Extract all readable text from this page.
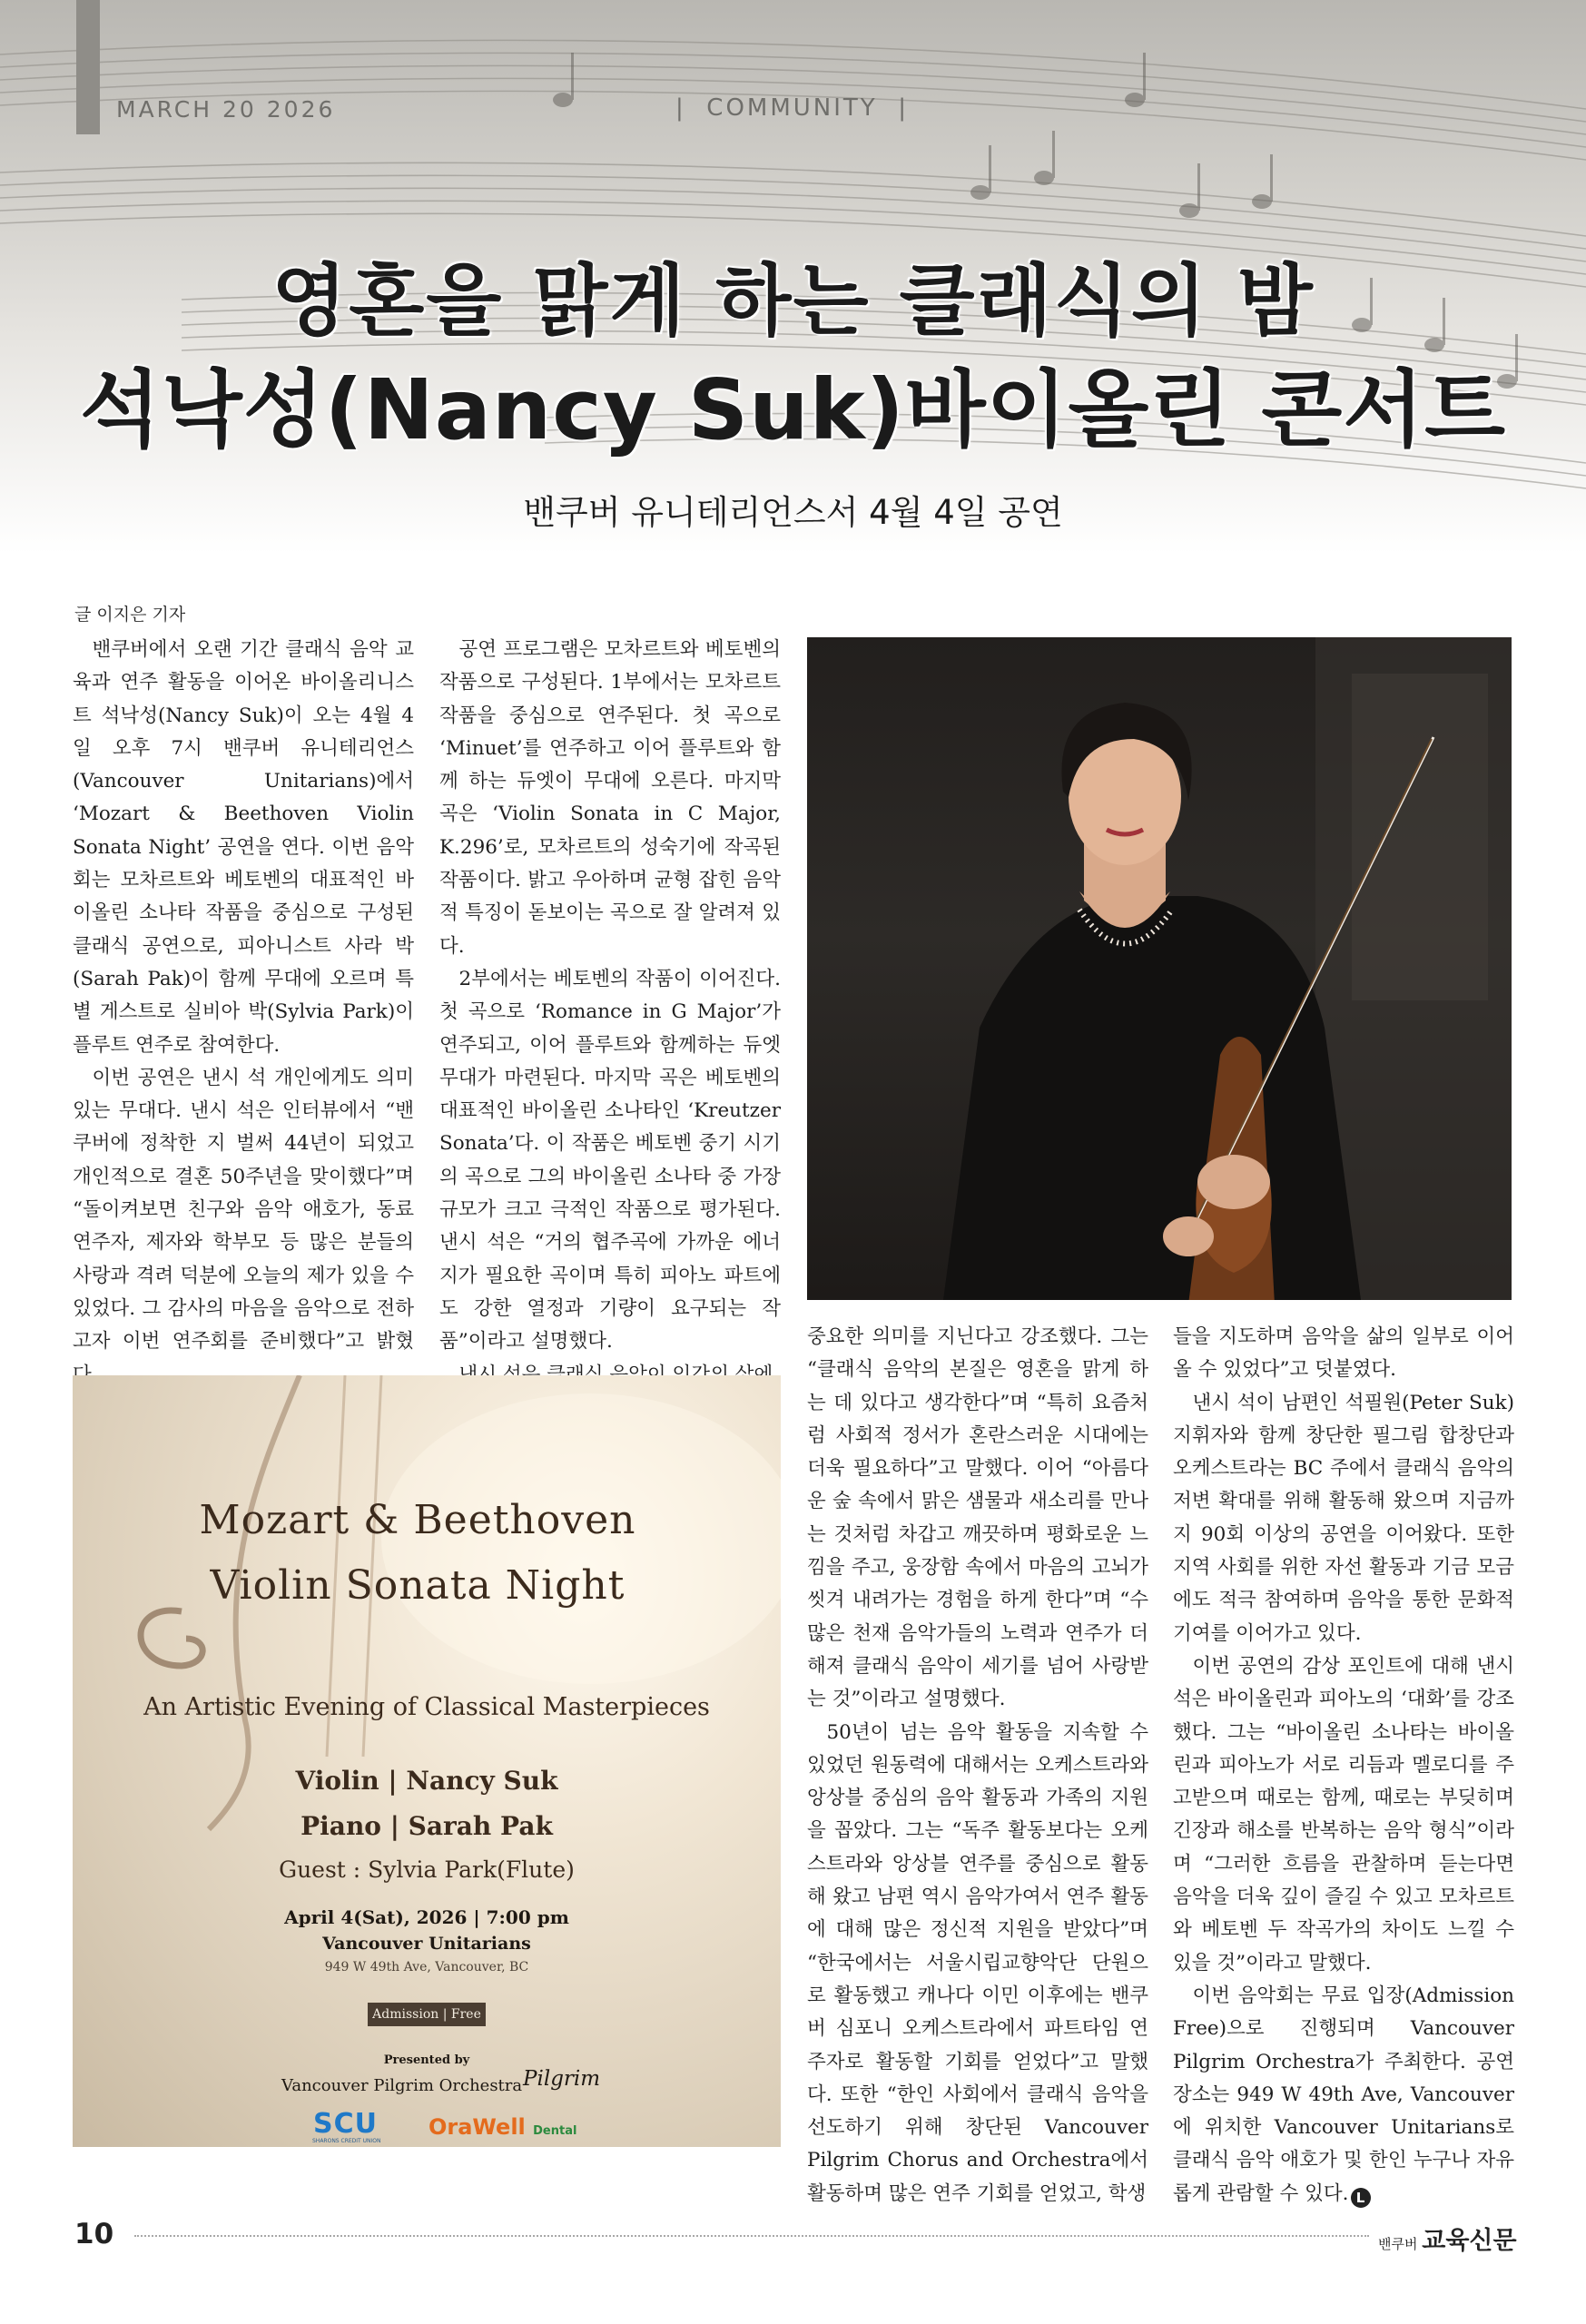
MARCH 20 2026	|  COMMUNITY  |
영혼을 맑게 하는 클래식의 밤
석낙성(Nancy Suk)바이올린 콘서트
밴쿠버 유니테리언스서 4월 4일 공연
글 이지은 기자

밴쿠버에서 오랜 기간 클래식 음악 교육과 연주 활동을 이어온 바이올리니스트 석낙성(Nancy Suk)이 오는 4월 4일 오후 7시 밴쿠버 유니테리언스(Vancouver Unitarians)에서 ‘Mozart & Beethoven Violin Sonata Night’ 공연을 연다. 이번 음악회는 모차르트와 베토벤의 대표적인 바이올린 소나타 작품을 중심으로 구성된 클래식 공연으로, 피아니스트 사라 박(Sarah Pak)이 함께 무대에 오르며 특별 게스트로 실비아 박(Sylvia Park)이 플루트 연주로 참여한다.

이번 공연은 낸시 석 개인에게도 의미 있는 무대다. 낸시 석은 인터뷰에서 “밴쿠버에 정착한 지 벌써 44년이 되었고 개인적으로 결혼 50주년을 맞이했다”며 “돌이켜보면 친구와 음악 애호가, 동료 연주자, 제자와 학부모 등 많은 분들의 사랑과 격려 덕분에 오늘의 제가 있을 수 있었다. 그 감사의 마음을 음악으로 전하고자 이번 연주회를 준비했다”고 밝혔

공연 프로그램은 모차르트와 베토벤의 작품으로 구성된다. 1부에서는 모차르트 작품을 중심으로 연주된다. 첫 곡으로 ‘Minuet’를 연주하고 이어 플루트와 함께 하는 듀엣이 무대에 오른다. 마지막 곡은 ‘Violin Sonata in C Major, K.296’로, 모차르트의 성숙기에 작곡된 작품이다. 밝고 우아하며 균형 잡힌 음악적 특징이 돋보이는 곡으로 잘 알려져 있다.

2부에서는 베토벤의 작품이 이어진다. 첫 곡으로 ‘Romance in G Major’가 연주되고, 이어 플루트와 함께하는 듀엣 무대가 마련된다. 마지막 곡은 베토벤의 대표적인 바이올린 소나타인 ‘Kreutzer Sonata’다. 이 작품은 베토벤 중기 시기의 곡으로 그의 바이올린 소나타 중 가장 규모가 크고 극적인 작품으로 평가된다. 낸시 석은 “거의 협주곡에 가까운 에너지가 필요한 곡이며 특히 피아노 파트에도 강한 열정과 기량이 요구되는 작품”이라고 설명했다.	중요한 의미를 지닌다고 강조했다. 그는 “클래식 음악의 본질은 영혼을 맑게 하는 데 있다고 생각한다”며 “특히 요즘처럼 사회적 정서가 혼란스러운 시대에는 더욱 필요하다”고 말했다. 이어 “아름다운 숲 속에서 맑은 샘물과 새소리를 만나는 것처럼 차갑고 깨끗하며 평화로운 느낌을 주고, 웅장함 속에서 마음의 고뇌가 씻겨 내려가는 경험을 하게 한다”며 “수많은 천재 음악가들의 노력과 연주가 더해져 클래식 음악이 세기를 넘어 사랑받는 것”이라고 설명했다.

50년이 넘는 음악 활동을 지속할 수 있었던 원동력에 대해서는 오케스트라와 앙상블 중심의 음악 활동과 가족의 지원을 꼽았다. 그는 “독주 활동보다는 오케스트라와 앙상블 연주를 중심으로 활동해 왔고 남편 역시 음악가여서 연주 활동에 대해 많은 정신적 지원을 받았다”며 “한국에서는 서울시립교향악단 단원으로 활동했고 캐나다 이민 이후에는 밴쿠버 심포니 오케스트라에서 파트타임 연주자로 활동할 기회를 얻었다”고 말했다. 또한 “한인 사회에서 클래식 음악을 선도하기 위해 창단된 Vancouver Pilgrim Chorus and Orchestra에서 활동하며 많은 연주 기회를 얻었고, 학생

들을 지도하며 음악을 삶의 일부로 이어올 수 있었다”고 덧붙였다.

낸시 석이 남편인 석필원(Peter Suk) 지휘자와 함께 창단한 필그림 합창단과 오케스트라는 BC 주에서 클래식 음악의 저변 확대를 위해 활동해 왔으며 지금까지 90회 이상의 공연을 이어왔다. 또한 지역 사회를 위한 자선 활동과 기금 모금에도 적극 참여하며 음악을 통한 문화적 기여를 이어가고 있다.

이번 공연의 감상 포인트에 대해 낸시 석은 바이올린과 피아노의 ‘대화’를 강조했다. 그는 “바이올린 소나타는 바이올린과 피아노가 서로 리듬과 멜로디를 주고받으며 때로는 함께, 때로는 부딪히며 긴장과 해소를 반복하는 음악 형식”이라며 “그러한 흐름을 관찰하며 듣는다면 음악을 더욱 깊이 즐길 수 있고 모차르트와 베토벤 두 작곡가의 차이도 느낄 수 있을 것”이라고 말했다.

이번 음악회는 무료 입장(Admission Free)으로 진행되며 Vancouver Pilgrim Orchestra가 주최한다. 공연 장소는 949 W 49th Ave, Vancouver에 위치한 Vancouver Unitarians로 클래식 음악 애호가 및 한인 누구나 자유롭게 관람할 수 있다. L

Mozart & Beethoven
Violin Sonata Night
An Artistic Evening of Classical Masterpieces
Violin | Nancy Suk
Piano | Sarah Pak
Guest : Sylvia Park(Flute)
April 4(Sat), 2026 | 7:00 pm
Vancouver Unitarians
949 W 49th Ave, Vancouver, BC
Admission | Free
Presented by
Vancouver Pilgrim Orchestra Pilgrim
SCU
SHARONS CREDIT UNION
OraWell Dental
10	밴쿠버 교육신문
